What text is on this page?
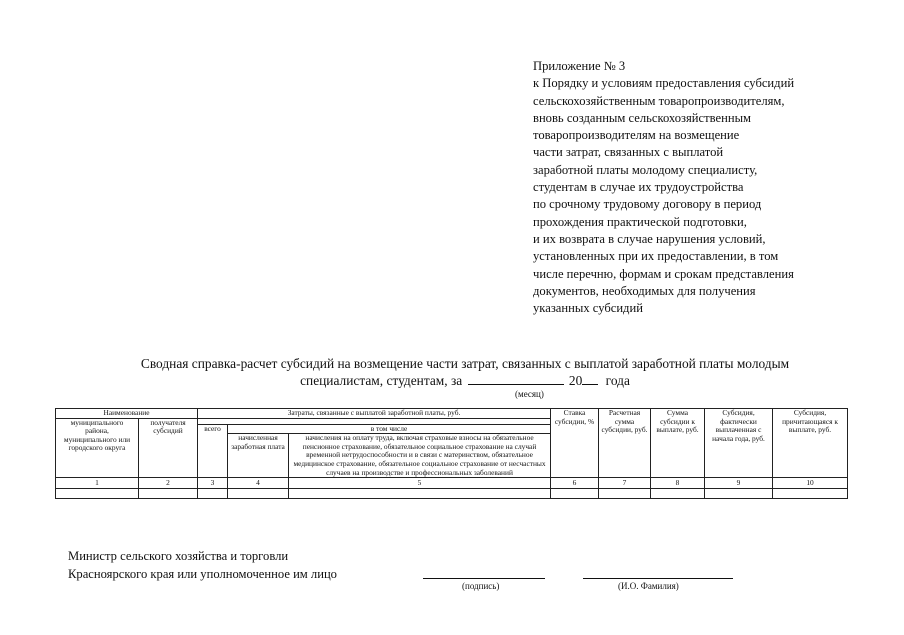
Приложение № 3
к Порядку и условиям предоставления субсидий
сельскохозяйственным товаропроизводителям,
вновь созданным сельскохозяйственным
товаропроизводителям на возмещение
части затрат, связанных с выплатой
заработной платы молодому специалисту,
студентам в случае их трудоустройства
по срочному трудовому договору в период
прохождения практической подготовки,
и их возврата в случае нарушения условий,
установленных при их предоставлении, в том
числе перечню, формам и срокам представления
документов, необходимых для получения
указанных субсидий
Сводная справка-расчет субсидий на возмещение части затрат, связанных с выплатой заработной платы молодым
специалистам, студентам, за	20 года
(месяц)
Наименование		Затраты, связанные с выплатой заработной платы, руб.			Ставка субсидии, %	Расчетная сумма субсидии, руб.	Сумма субсидии к выплате, руб.	Субсидия, фактически выплаченная с начала года, руб.	Субсидия, причитающаяся к выплате, руб.
муниципального района, муниципального или городского округа	получателя субсидий								
		всего	в том числе						
			начисленная заработная плата	начисления на оплату труда, включая страховые взносы на обязательное пенсионное страхование, обязательное социальное страхование на случай временной нетрудоспособности и в связи с материнством, обязательное медицинское страхование, обязательное социальное страхование от несчастных случаев на производстве и профессиональных заболеваний					
1	2	3	4	5	6	7	8	9	10

Министр сельского хозяйства и торговли
Красноярского края или уполномоченное им лицо
(подпись)	(И.О. Фамилия)
